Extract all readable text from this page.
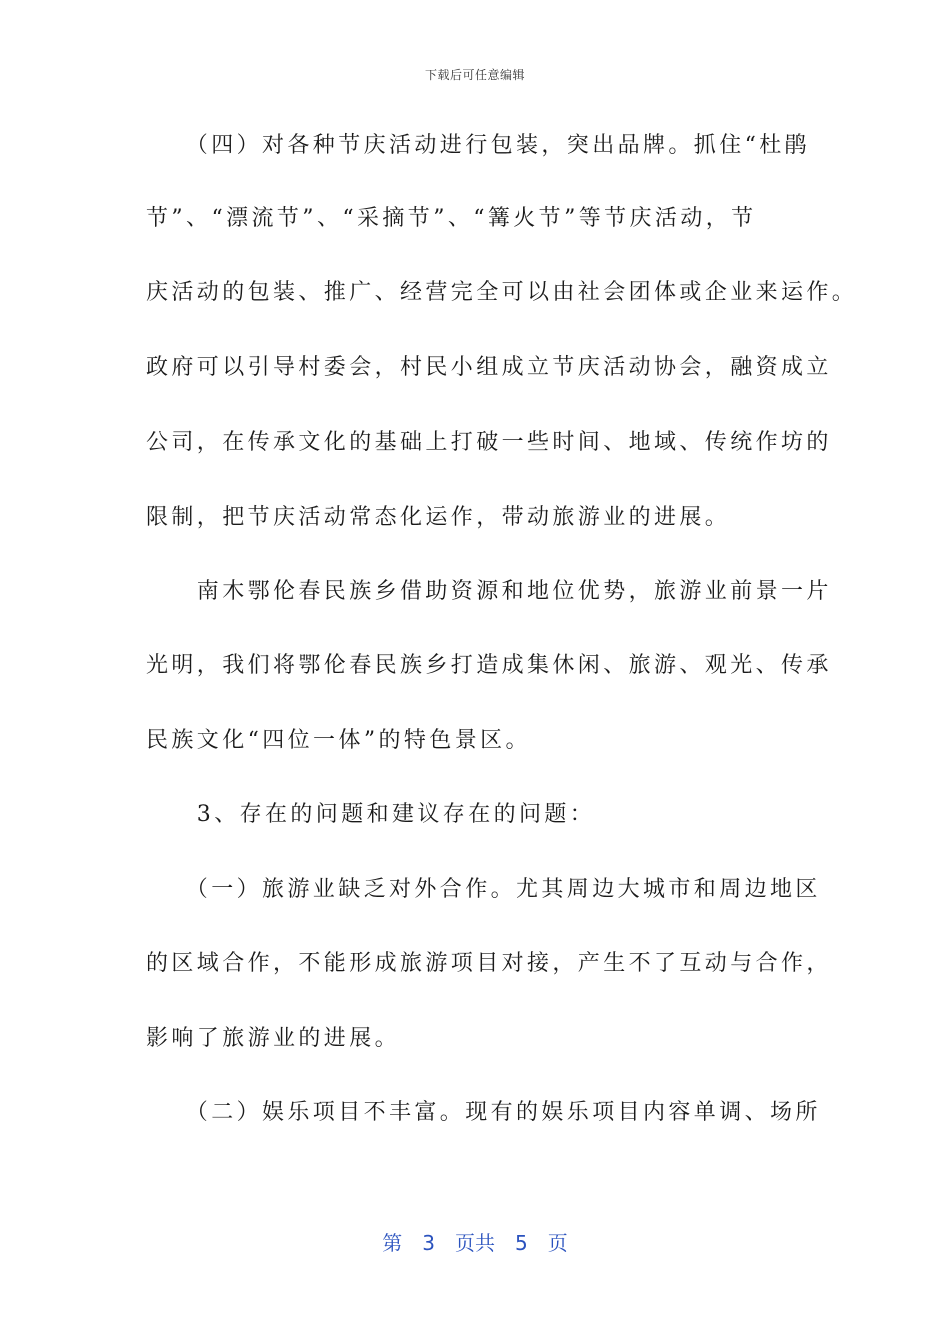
下载后可任意编辑
　　（四）对各种节庆活动进行包装，突出品牌。抓住“杜鹃
节”、“漂流节”、“采摘节”、“篝火节”等节庆活动，节
庆活动的包装、推广、经营完全可以由社会团体或企业来运作。
政府可以引导村委会，村民小组成立节庆活动协会，融资成立
公司，在传承文化的基础上打破一些时间、地域、传统作坊的
限制，把节庆活动常态化运作，带动旅游业的进展。
　　南木鄂伦春民族乡借助资源和地位优势，旅游业前景一片
光明，我们将鄂伦春民族乡打造成集休闲、旅游、观光、传承
民族文化“四位一体”的特色景区。
　　3、存在的问题和建议存在的问题：
　　（一）旅游业缺乏对外合作。尤其周边大城市和周边地区
的区域合作，不能形成旅游项目对接，产生不了互动与合作，
影响了旅游业的进展。
　　（二）娱乐项目不丰富。现有的娱乐项目内容单调、场所
第　3　页共　5　页
